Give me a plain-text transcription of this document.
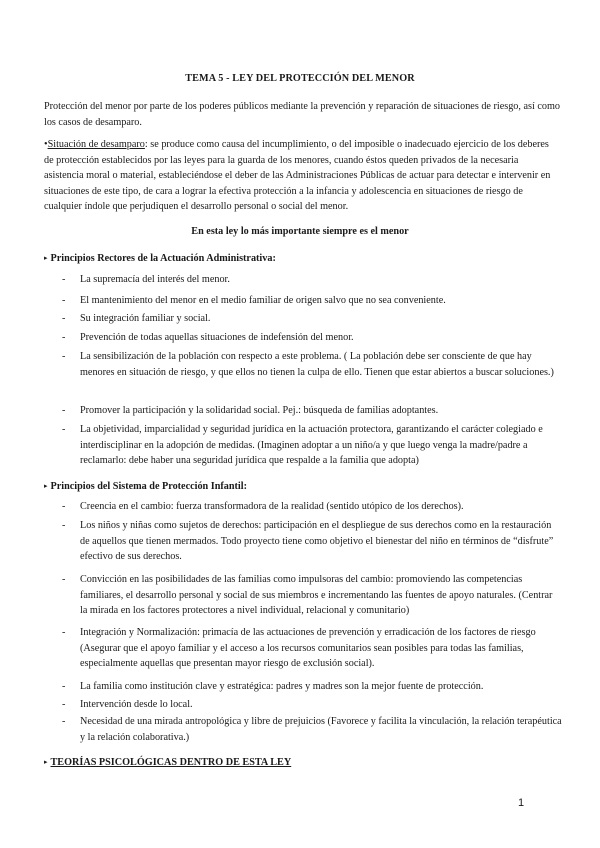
TEMA 5 - LEY DEL PROTECCIÓN DEL MENOR
Protección del menor por parte de los poderes públicos mediante la prevención y reparación de situaciones de riesgo, así como los casos de desamparo.
•Situación de desamparo: se produce como causa del incumplimiento, o del imposible o inadecuado ejercicio de los deberes de protección establecidos por las leyes para la guarda de los menores, cuando éstos queden privados de la necesaria asistencia moral o material, estableciéndose el deber de las Administraciones Públicas de actuar para detectar e intervenir en situaciones de este tipo, de cara a lograr la efectiva protección a la infancia y adolescencia en situaciones de riesgo de cualquier índole que perjudiquen el desarrollo personal o social del menor.
En esta ley lo más importante siempre es el menor
▸ Principios Rectores de la Actuación Administrativa:
- La supremacía del interés del menor.
- El mantenimiento del menor en el medio familiar de origen salvo que no sea conveniente.
- Su integración familiar y social.
- Prevención de todas aquellas situaciones de indefensión del menor.
- La sensibilización de la población con respecto a este problema. ( La población debe ser consciente de que hay menores en situación de riesgo, y que ellos no tienen la culpa de ello. Tienen que estar abiertos a buscar soluciones.)
- Promover la participación y la solidaridad social. Pej.: búsqueda de familias adoptantes.
- La objetividad, imparcialidad y seguridad jurídica en la actuación protectora, garantizando el carácter colegiado e interdisciplinar en la adopción de medidas. (Imaginen adoptar a un niño/a y que luego venga la madre/padre a reclamarlo: debe haber una seguridad jurídica que respalde a la familia que adopta)
▸ Principios del Sistema de Protección Infantil:
- Creencia en el cambio: fuerza transformadora de la realidad (sentido utópico de los derechos).
- Los niños y niñas como sujetos de derechos: participación en el despliegue de sus derechos como en la restauración de aquellos que tienen mermados. Todo proyecto tiene como objetivo el bienestar del niño en términos de “disfrute” efectivo de sus derechos.
- Convicción en las posibilidades de las familias como impulsoras del cambio: promoviendo las competencias familiares, el desarrollo personal y social de sus miembros e incrementando las fuentes de apoyo naturales. (Centrar la mirada en los factores protectores a nivel individual, relacional y comunitario)
- Integración y Normalización: primacía de las actuaciones de prevención y erradicación de los factores de riesgo (Asegurar que el apoyo familiar y el acceso a los recursos comunitarios sean posibles para todas las familias, especialmente aquellas que presentan mayor riesgo de exclusión social).
- La familia como institución clave y estratégica: padres y madres son la mejor fuente de protección.
- Intervención desde lo local.
- Necesidad de una mirada antropológica y libre de prejuicios (Favorece y facilita la vinculación, la relación terapéutica y la relación colaborativa.)
▸ TEORÍAS PSICOLÓGICAS DENTRO DE ESTA LEY
1
